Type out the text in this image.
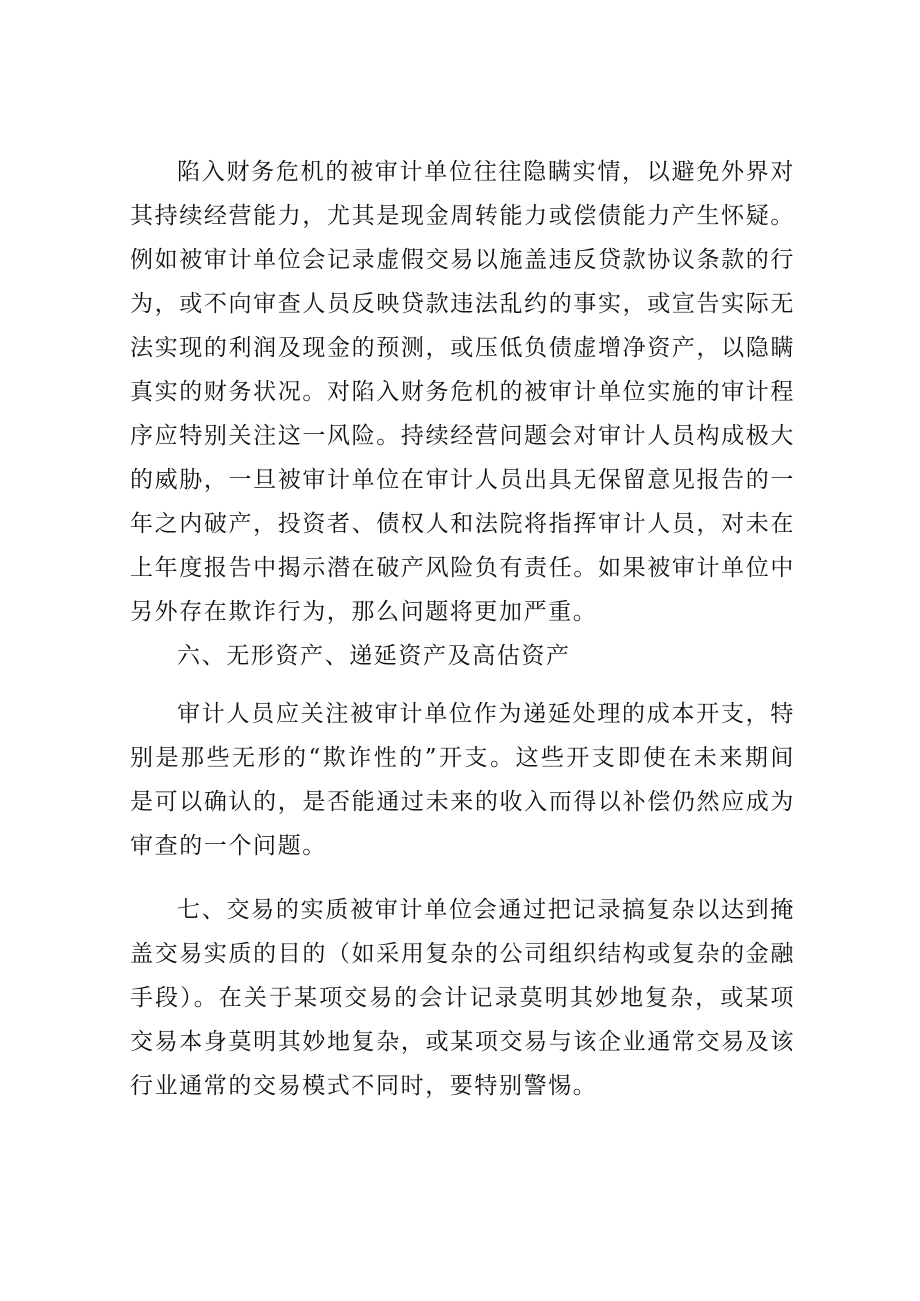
陷入财务危机的被审计单位往往隐瞒实情，以避免外界对其持续经营能力，尤其是现金周转能力或偿债能力产生怀疑。例如被审计单位会记录虚假交易以施盖违反贷款协议条款的行为，或不向审查人员反映贷款违法乱约的事实，或宣告实际无法实现的利润及现金的预测，或压低负债虚增净资产，以隐瞒真实的财务状况。对陷入财务危机的被审计单位实施的审计程序应特别关注这一风险。持续经营问题会对审计人员构成极大的威胁，一旦被审计单位在审计人员出具无保留意见报告的一年之内破产，投资者、债权人和法院将指挥审计人员，对未在上年度报告中揭示潜在破产风险负有责任。如果被审计单位中另外存在欺诈行为，那么问题将更加严重。

六、无形资产、递延资产及高估资产

审计人员应关注被审计单位作为递延处理的成本开支，特别是那些无形的“欺诈性的”开支。这些开支即使在未来期间是可以确认的，是否能通过未来的收入而得以补偿仍然应成为审查的一个问题。

七、交易的实质被审计单位会通过把记录搞复杂以达到掩盖交易实质的目的（如采用复杂的公司组织结构或复杂的金融手段）。在关于某项交易的会计记录莫明其妙地复杂，或某项交易本身莫明其妙地复杂，或某项交易与该企业通常交易及该行业通常的交易模式不同时，要特别警惕。
